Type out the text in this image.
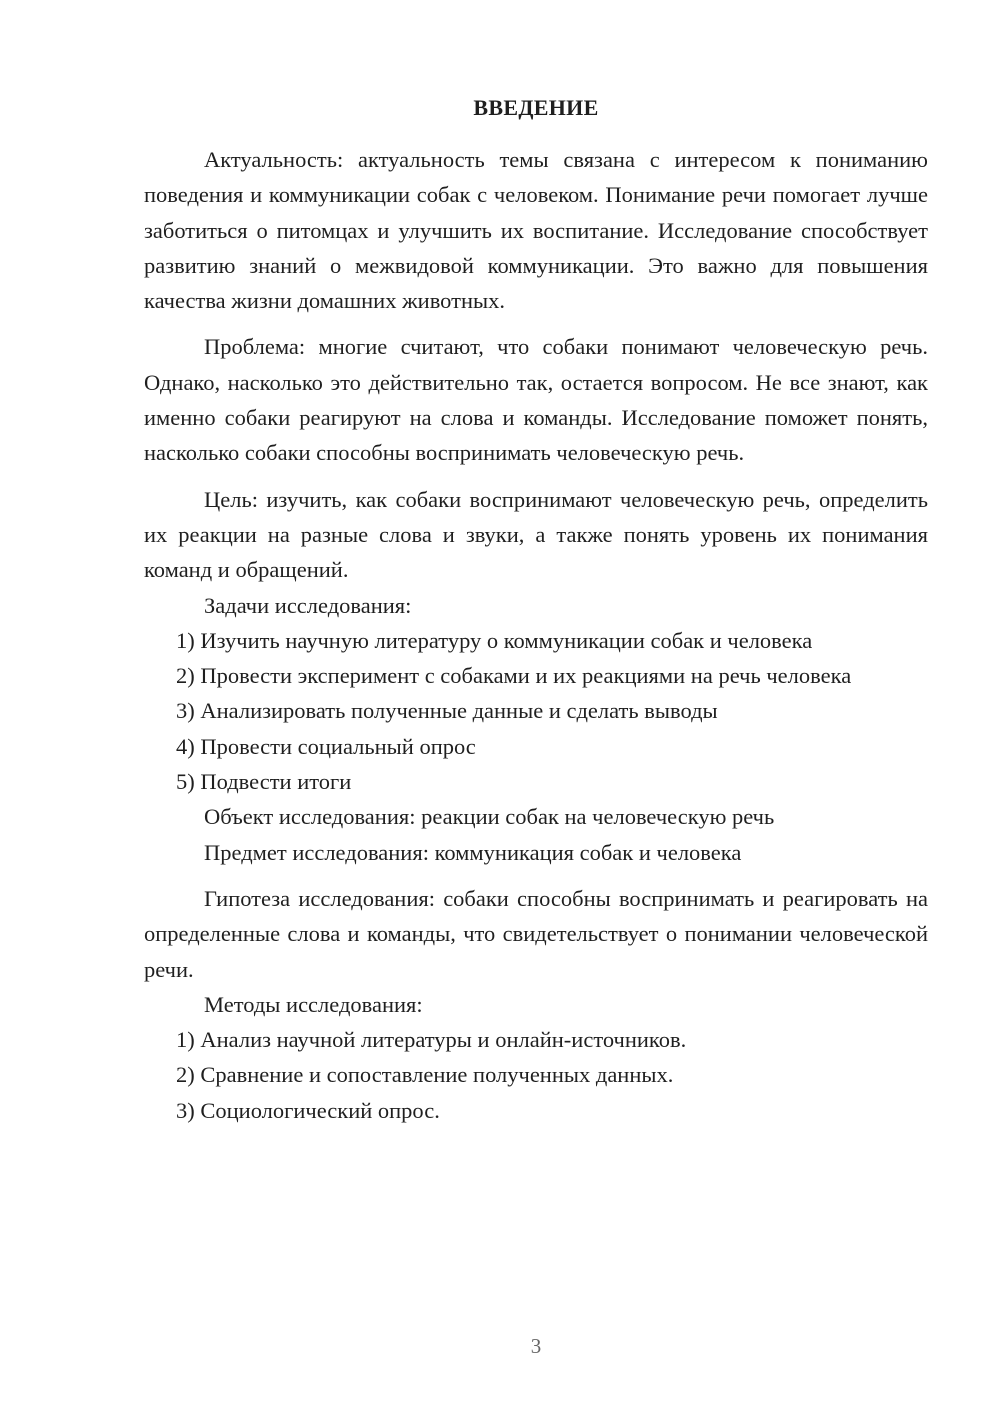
ВВЕДЕНИЕ

Актуальность: актуальность темы связана с интересом к пониманию поведения и коммуникации собак с человеком. Понимание речи помогает лучше заботиться о питомцах и улучшить их воспитание. Исследование способствует развитию знаний о межвидовой коммуникации. Это важно для повышения качества жизни домашних животных.

Проблема: многие считают, что собаки понимают человеческую речь. Однако, насколько это действительно так, остается вопросом. Не все знают, как именно собаки реагируют на слова и команды. Исследование поможет понять, насколько собаки способны воспринимать человеческую речь.

Цель: изучить, как собаки воспринимают человеческую речь, определить их реакции на разные слова и звуки, а также понять уровень их понимания команд и обращений.

Задачи исследования:

1) Изучить научную литературу о коммуникации собак и человека

2) Провести эксперимент с собаками и их реакциями на речь человека

3) Анализировать полученные данные и сделать выводы

4) Провести социальный опрос

5) Подвести итоги

Объект исследования: реакции собак на человеческую речь

Предмет исследования: коммуникация собак и человека

Гипотеза исследования: собаки способны воспринимать и реагировать на определенные слова и команды, что свидетельствует о понимании человеческой речи.

Методы исследования:

1) Анализ научной литературы и онлайн-источников.

2) Сравнение и сопоставление полученных данных.

3) Социологический опрос.

3
